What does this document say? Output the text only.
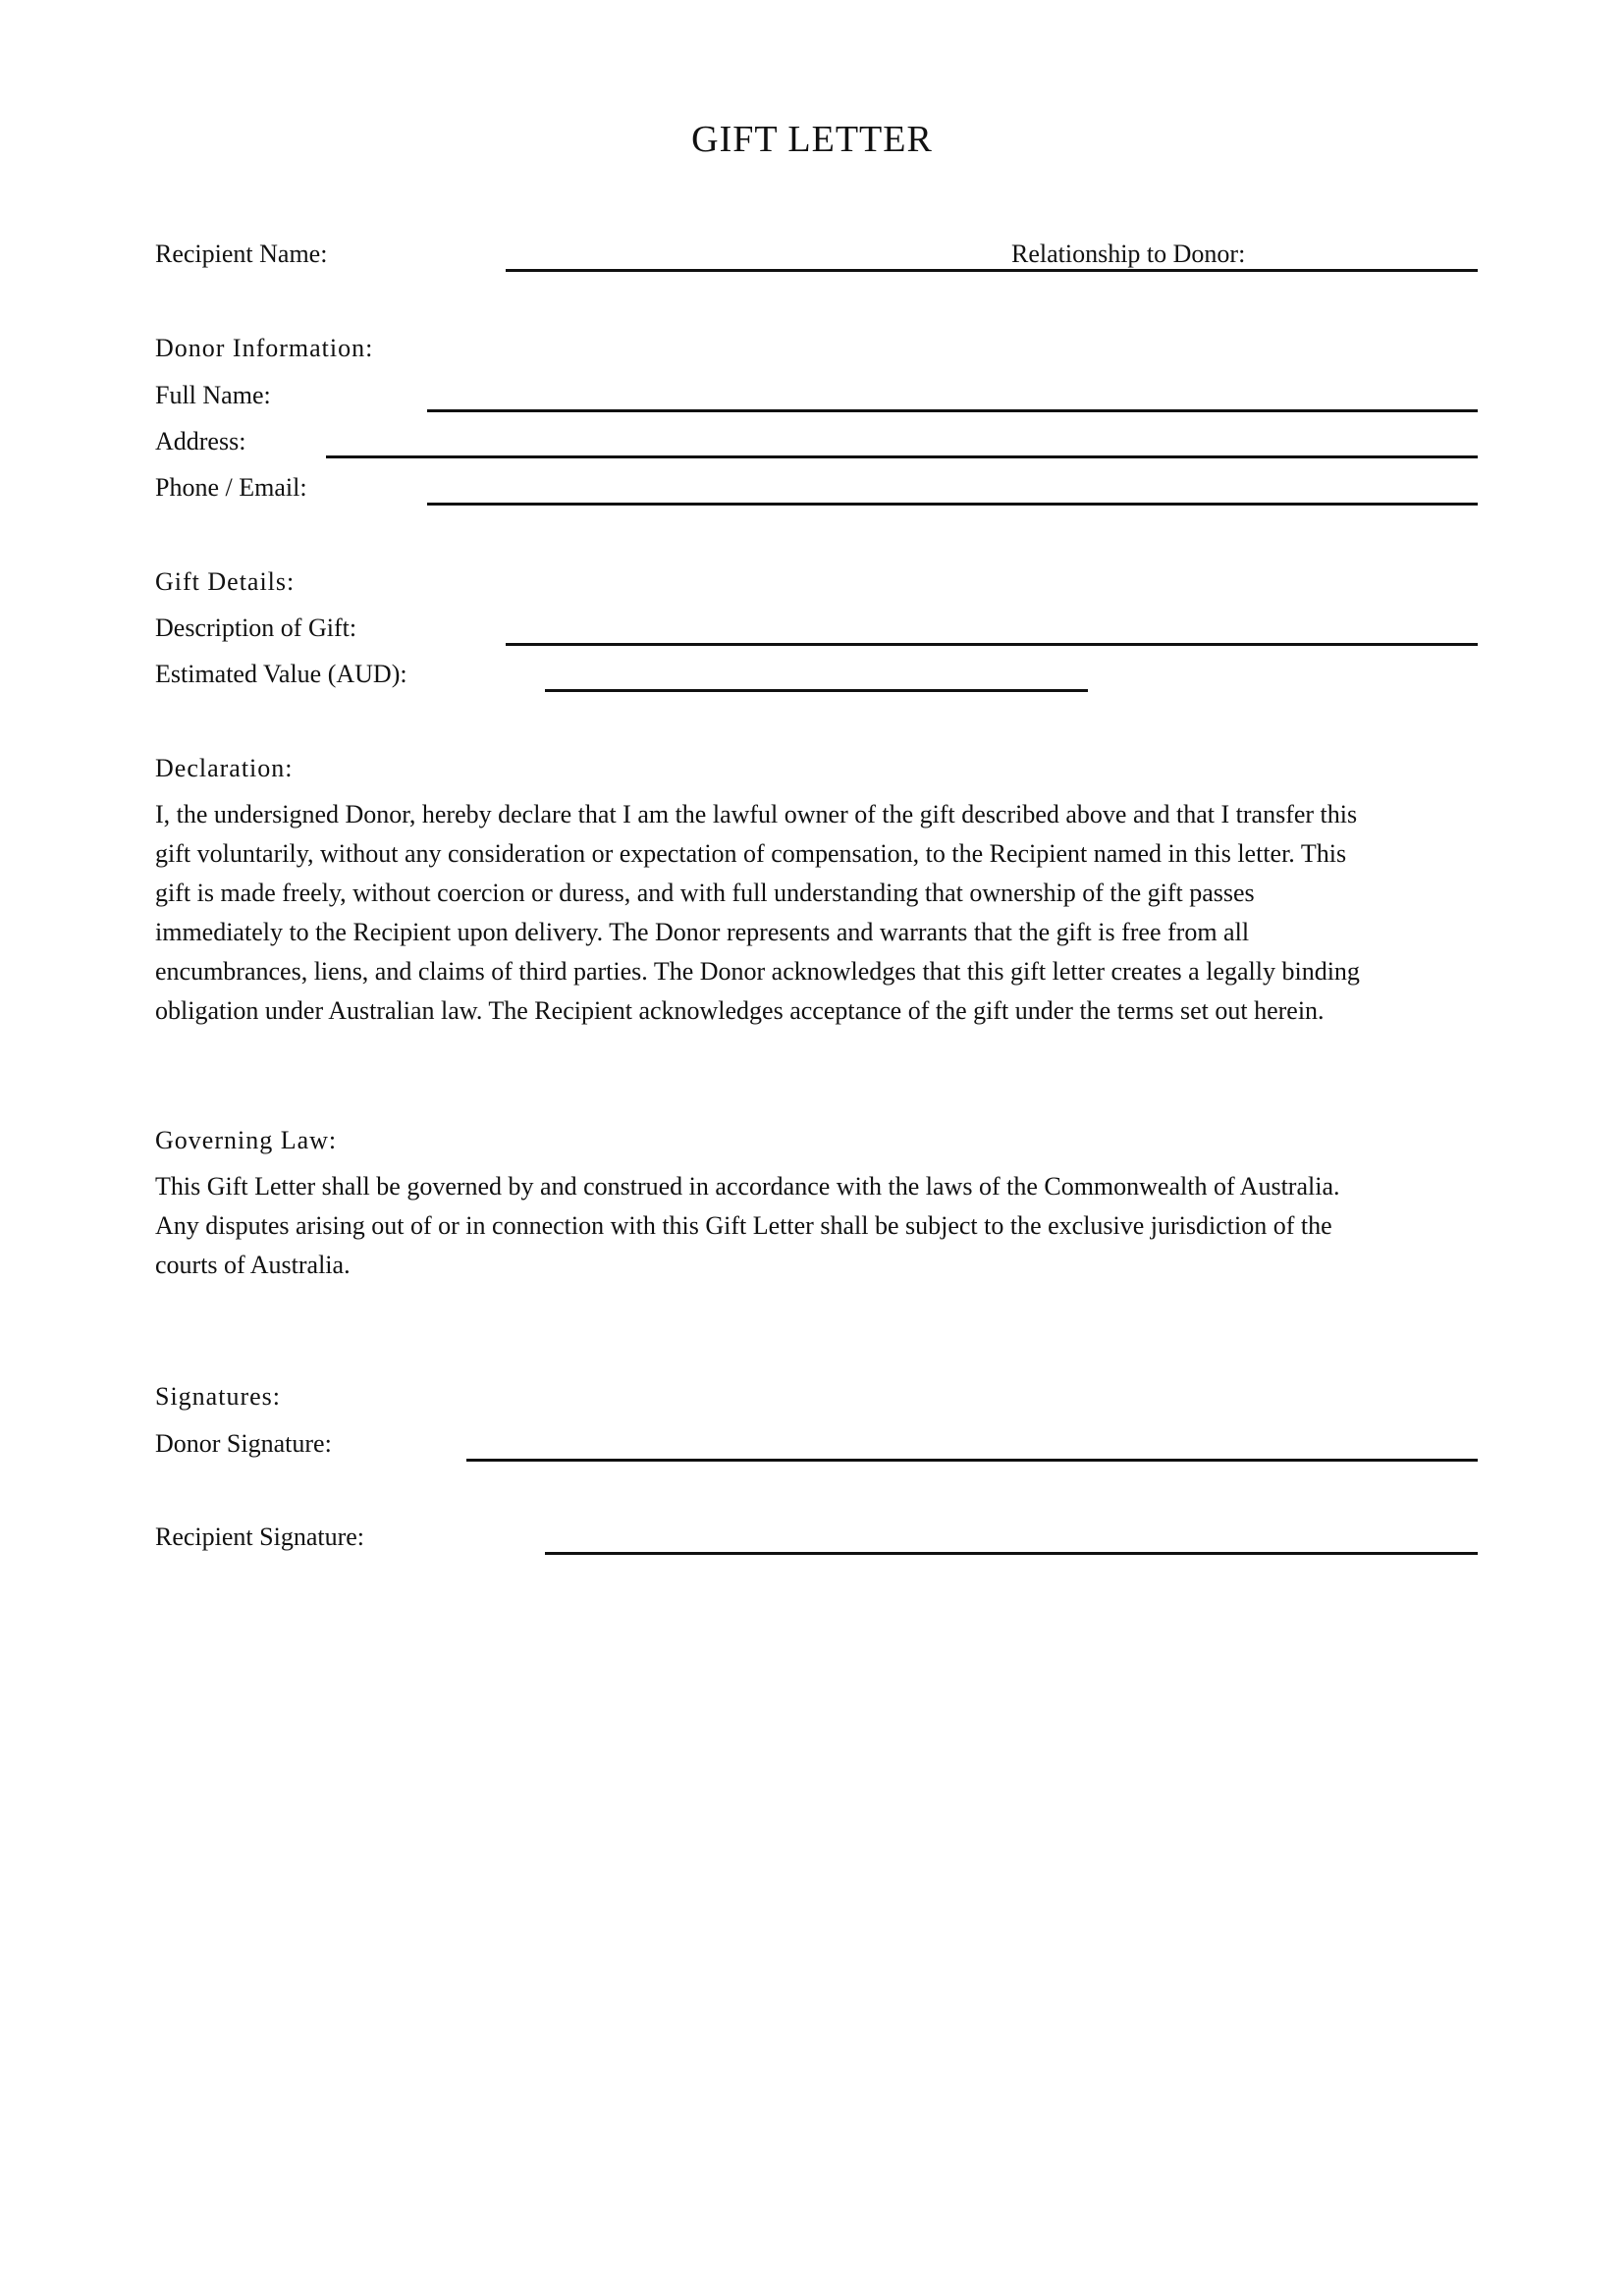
GIFT LETTER
Recipient Name:	Relationship to Donor:
Donor Information:
Full Name:
Address:
Phone / Email:
Gift Details:
Description of Gift:
Estimated Value (AUD):
Declaration:
I, the undersigned Donor, hereby declare that I am the lawful owner of the gift described above and that I transfer this
gift voluntarily, without any consideration or expectation of compensation, to the Recipient named in this letter. This
gift is made freely, without coercion or duress, and with full understanding that ownership of the gift passes
immediately to the Recipient upon delivery. The Donor represents and warrants that the gift is free from all
encumbrances, liens, and claims of third parties. The Donor acknowledges that this gift letter creates a legally binding
obligation under Australian law. The Recipient acknowledges acceptance of the gift under the terms set out herein.
Governing Law:
This Gift Letter shall be governed by and construed in accordance with the laws of the Commonwealth of Australia.
Any disputes arising out of or in connection with this Gift Letter shall be subject to the exclusive jurisdiction of the
courts of Australia.
Signatures:
Donor Signature:
Recipient Signature:
